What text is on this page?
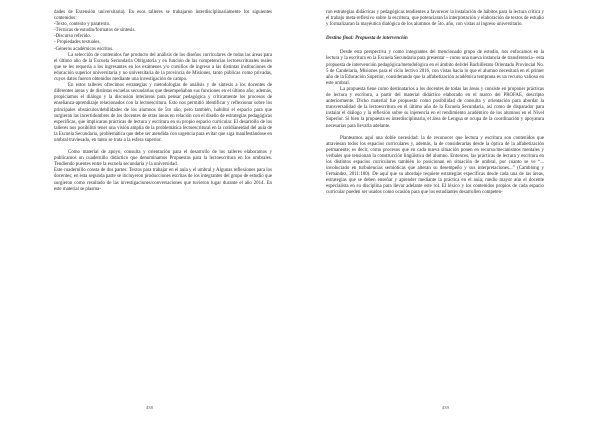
dades de Extensión universitaria). En esos talleres se trabajaron interdisciplinariamente los siguientes contenidos:

-Texto, contexto y paratexto.

-Técnicas de estudio/formatos de síntesis.

-Discurso referido.

- Propiedades textuales.

-Géneros académicos escritos.

La selección de contenidos fue producto del análisis de los diseños curriculares de todas las áreas para el último año de la Escuela Secundaria Obligatoria y en función de las competencias lectoescriturales reales que se les requería a los ingresantes en los exámenes y/o cursillos de ingreso a las distintas instituciones de educación superior universitaria y no universitaria de la provincia de Misiones, tanto públicas como privadas, cuyos datos fueron obtenidos mediante una investigación de campo.

En estos talleres ofrecimos estrategias y metodologías de análisis y de síntesis a los docentes de diferentes áreas y de distintas escuelas secundarias que desempeñaban sus funciones en el último año; además, propiciamos el diálogo y la discusión interáreas para pensar pedagógica y críticamente los procesos de enseñanza-aprendizaje relacionados con la lectoescritura. Esto nos permitió identificar y reflexionar sobre los principales obstáculos/debilidades de los alumnos de 5to año, pero también, habilitó el espacio para que surgieran las incertidumbres de los docentes de otras áreas en relación con el diseño de estrategias pedagógicas específicas, que implicaran prácticas de lectura y escritura en su propio espacio curricular. El desarrollo de los talleres nos posibilitó tener una visión amplia de la problemática lectoescritural en la cotidianeidad del aula de la Escuela Secundaria, problemática que debe ser atendida con urgencia para evitar que siga manifestándose en umbral traviesado, en tanto se trata a la esfera superior.

Como material de apoyo, consulta y orientación para el desarrollo de los talleres elaboramos y publicamos un cuadernillo didáctico que denominamos Propuestas para la lectoescritura en los umbrales. Tendiendo puentes entre la escuela secundaria y la universidad.

Este cuadernillo consta de dos partes: Textos para trabajar en el aula y el umbral y Algunas reflexiones para los docentes; en esta segunda parte se incluyeron producciones escritas de los integrantes del grupo de estudio que surgieron como resultado de las investigaciones/conversaciones que tuvieron lugar durante el año 2014. En este material se plasma-

438

ron estrategias didácticas y pedagógicas tendientes a favorecer la instalación de hábitos para la lectura crítica y el trabajo meta-reflexivo sobre la escritura, que potenciaran la interpretación y elaboración de textos de estudio y formalizaran la mayéutica dialógica de los alumnos de 5to. año, con vistas al ingreso universitario.

Destino final: Propuesta de intervención

Desde esta perspectiva y como integrantes del mencionado grupo de estudio, nos enfocamos en la lectura y la escritura en la Escuela Secundaria para presentar – como una nueva instancia de transferencia– esta propuesta de intervención pedagógica/metodológica en el ámbito del/del Bachillerato Orientado Provincial No. 5 de Candelaria, Misiones para el ciclo lectivo 2016, con vistas hacia lo que el alumno necesitará en el primer año de la Educación Superior, considerando que la alfabetización académica temprana es un recurso valioso en este umbral.

La propuesta tiene como destinatarios a los docentes de todas las áreas y consiste en proponer prácticas de lectura y escritura, a partir del material didáctico elaborado en el marco del PROFAE, descripto anteriormente. Dicho material fue propuesto como posibilidad de consulta y orientación para abordar la transversalidad de la lectoescritura en el último año de la Escuela Secundaria, así como de disparador para instalar el diálogo y la reflexión sobre su injerencia en el rendimiento académico de los alumnos en el Nivel Superior. Si bien la propuesta es interdisciplinaria, el área de Lengua se ocupa de la coordinación y apoyatura necesarias para llevarla adelante.

Planteamos aquí una doble necesidad: la de reconocer que lectura y escritura son contenidos que atraviesan todos los espacios curriculares y, además, la de considerarlas desde la óptica de la alfabetización permanente; es decir, como procesos que en cada nueva situación ponen en recurso/mecanismos mentales y verbales que tensionan la construcción lingüística del alumno. Entonces, las prácticas de lectura y escritura en los distintos espacios curriculares también lo posicionan en situación de umbral, por cuanto se ve “... involucrado en turbulencias semióticas que alteran su desempeño y sus interpretaciones...” (Camblong y Fernández, 2011:100). De aquí que su abordaje requiere estrategias específicas desde cada una de las áreas, estrategias que se deben enseñar y aprender mediante la práctica en el aula; medio mayor aún el docente especialista en su disciplina para llevar adelante este rol. El léxico y los contenidos propios de cada espacio curricular pueden ser usados como ocasión para que los estudiantes desarrollen competen-

439
